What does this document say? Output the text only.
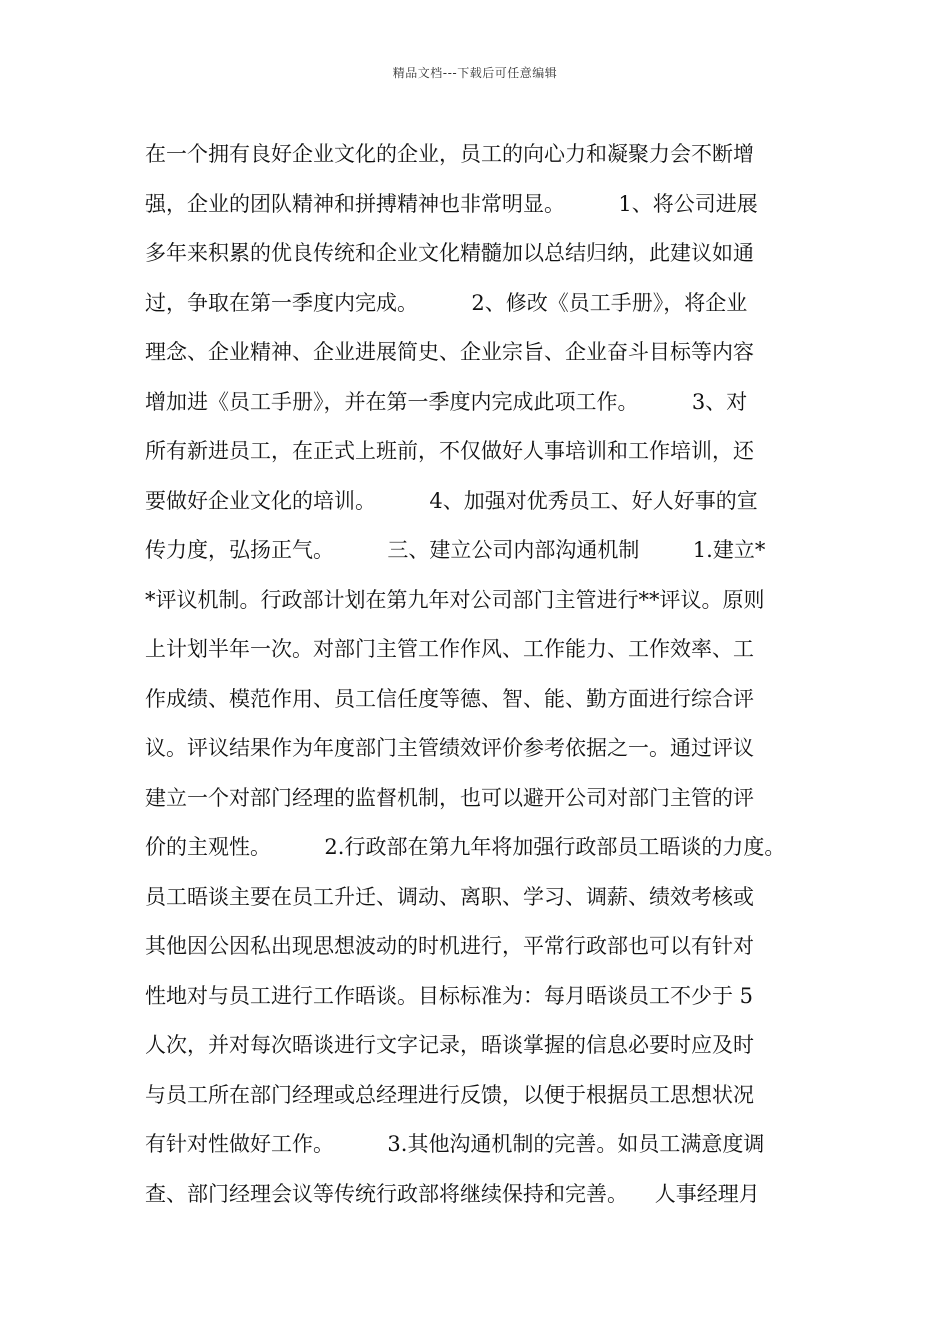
精品文档---下载后可任意编辑
在一个拥有良好企业文化的企业，员工的向心力和凝聚力会不断增
强，企业的团队精神和拼搏精神也非常明显。        1、将公司进展
多年来积累的优良传统和企业文化精髓加以总结归纳，此建议如通
过，争取在第一季度内完成。        2、修改《员工手册》，将企业
理念、企业精神、企业进展简史、企业宗旨、企业奋斗目标等内容
增加进《员工手册》，并在第一季度内完成此项工作。        3、对
所有新进员工，在正式上班前，不仅做好人事培训和工作培训，还
要做好企业文化的培训。        4、加强对优秀员工、好人好事的宣
传力度，弘扬正气。        三、建立公司内部沟通机制        1.建立*
*评议机制。行政部计划在第九年对公司部门主管进行**评议。原则
上计划半年一次。对部门主管工作作风、工作能力、工作效率、工
作成绩、模范作用、员工信任度等德、智、能、勤方面进行综合评
议。评议结果作为年度部门主管绩效评价参考依据之一。通过评议
建立一个对部门经理的监督机制，也可以避开公司对部门主管的评
价的主观性。        2.行政部在第九年将加强行政部员工晤谈的力度。
员工晤谈主要在员工升迁、调动、离职、学习、调薪、绩效考核或
其他因公因私出现思想波动的时机进行，平常行政部也可以有针对
性地对与员工进行工作晤谈。目标标准为：每月晤谈员工不少于 5
人次，并对每次晤谈进行文字记录，晤谈掌握的信息必要时应及时
与员工所在部门经理或总经理进行反馈，以便于根据员工思想状况
有针对性做好工作。        3.其他沟通机制的完善。如员工满意度调
查、部门经理会议等传统行政部将继续保持和完善。    人事经理月
